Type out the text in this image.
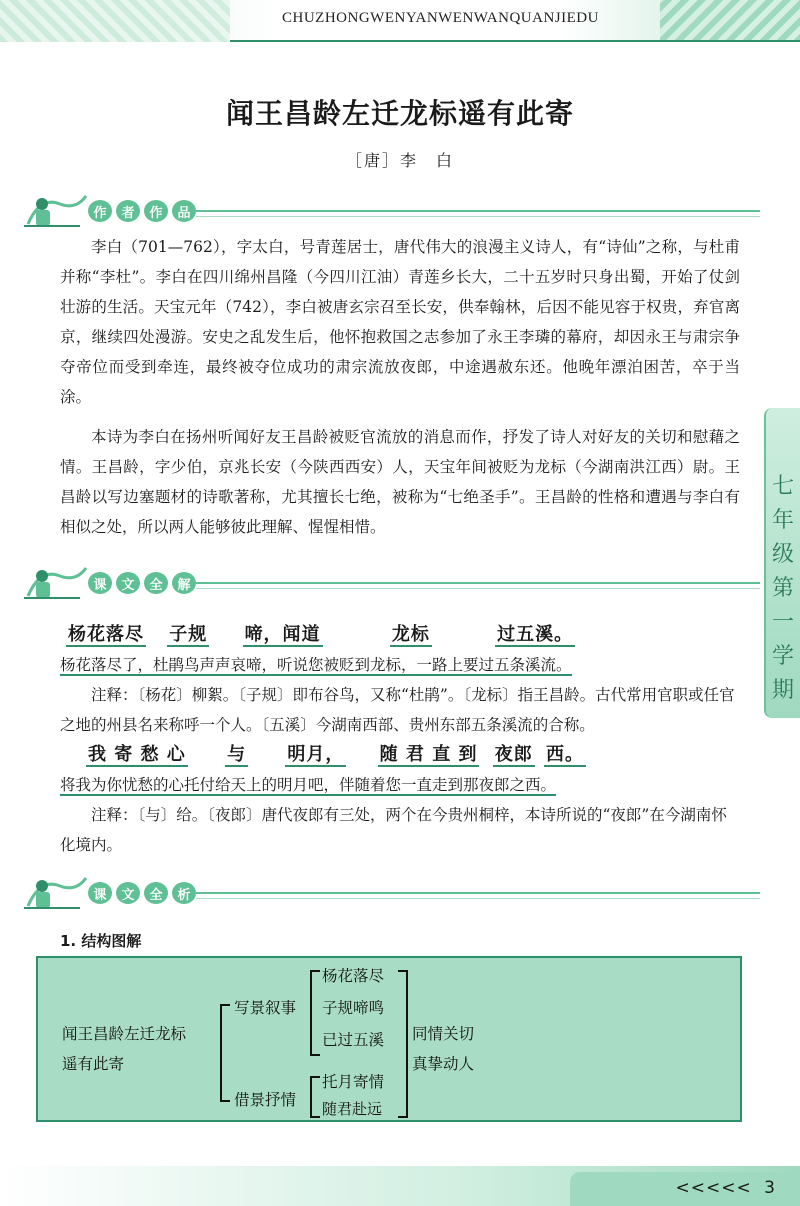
CHUZHONGWENYANWENWANQUANJIEDU
七年级第一学期
闻王昌龄左迁龙标遥有此寄
［唐］李　白
作	者	作	品

李白（701—762），字太白，号青莲居士，唐代伟大的浪漫主义诗人，有“诗仙”之称，与杜甫并称“李杜”。李白在四川绵州昌隆（今四川江油）青莲乡长大，二十五岁时只身出蜀，开始了仗剑壮游的生活。天宝元年（742），李白被唐玄宗召至长安，供奉翰林，后因不能见容于权贵，弃官离京，继续四处漫游。安史之乱发生后，他怀抱救国之志参加了永王李璘的幕府，却因永王与肃宗争夺帝位而受到牵连，最终被夺位成功的肃宗流放夜郎，中途遇赦东还。他晚年漂泊困苦，卒于当涂。

本诗为李白在扬州听闻好友王昌龄被贬官流放的消息而作，抒发了诗人对好友的关切和慰藉之情。王昌龄，字少伯，京兆长安（今陕西西安）人，天宝年间被贬为龙标（今湖南洪江西）尉。王昌龄以写边塞题材的诗歌著称，尤其擅长七绝，被称为“七绝圣手”。王昌龄的性格和遭遇与李白有相似之处，所以两人能够彼此理解、惺惺相惜。

课	文	全	解
杨花落尽 子规 啼，闻道	龙标	过五溪。
杨花落尽了，杜鹃鸟声声哀啼，听说您被贬到龙标，一路上要过五条溪流。
注释：〔杨花〕柳絮。〔子规〕即布谷鸟，又称“杜鹃”。〔龙标〕指王昌龄。古代常用官职或任官之地的州县名来称呼一个人。〔五溪〕今湖南西部、贵州东部五条溪流的合称。
我 寄 愁 心 与 明月， 随 君 直 到 夜郎 西。
将我为你忧愁的心托付给天上的明月吧，伴随着您一直走到那夜郎之西。
注释：〔与〕给。〔夜郎〕唐代夜郎有三处，两个在今贵州桐梓，本诗所说的“夜郎”在今湖南怀化境内。
课	文	全	析
1. 结构图解
闻王昌龄左迁龙标
遥有此寄
写景叙事
借景抒情
杨花落尽
子规啼鸣
已过五溪
托月寄情
随君赴远
同情关切
真挚动人
<<<<< 3
